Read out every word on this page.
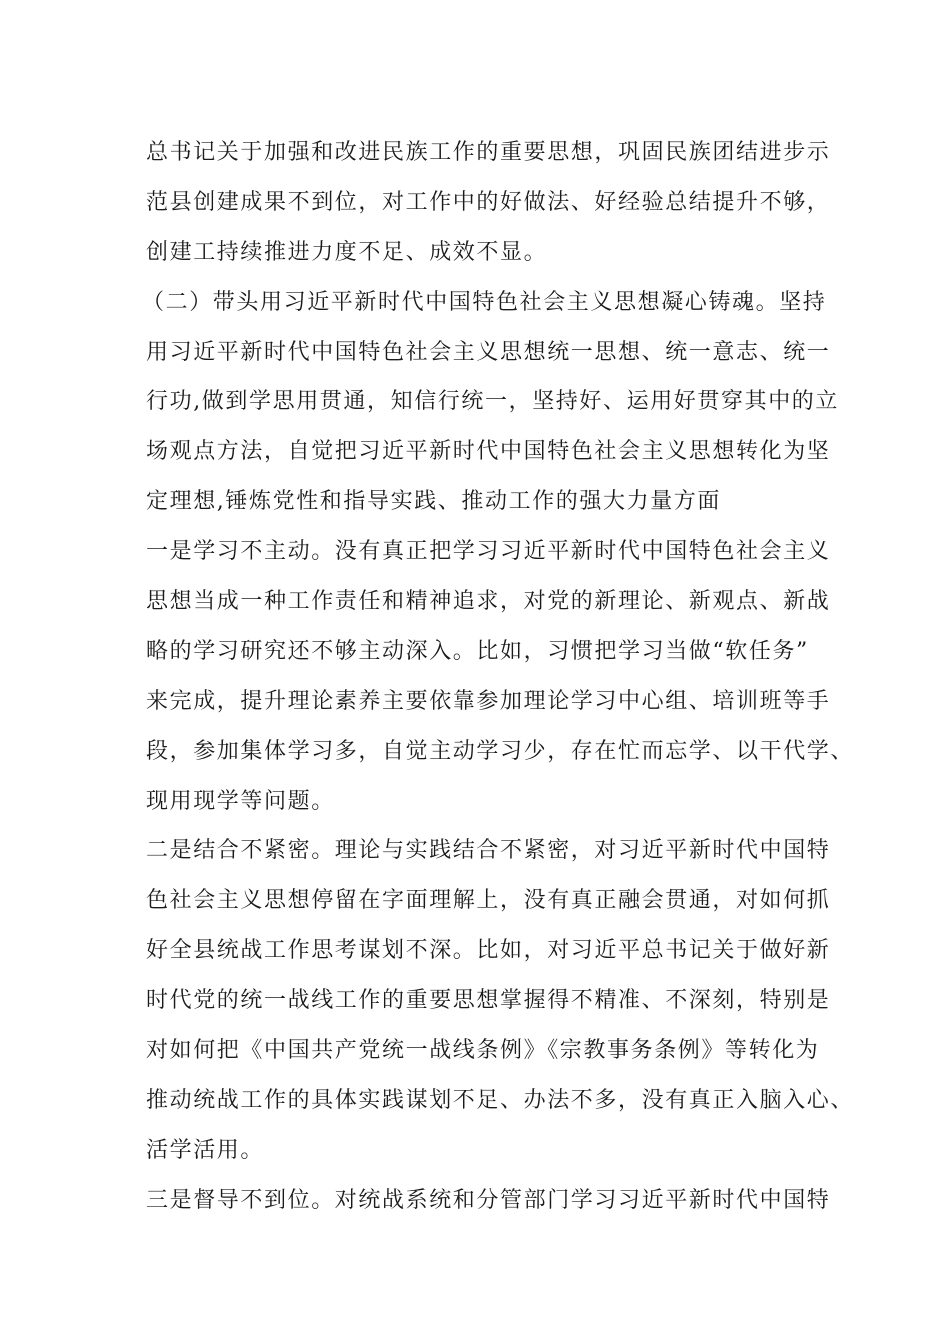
总书记关于加强和改进民族工作的重要思想，巩固民族团结进步示
范县创建成果不到位，对工作中的好做法、好经验总结提升不够，
创建工持续推进力度不足、成效不显。
（二）带头用习近平新时代中国特色社会主义思想凝心铸魂。坚持
用习近平新时代中国特色社会主义思想统一思想、统一意志、统一
行功,做到学思用贯通，知信行统一，坚持好、运用好贯穿其中的立
场观点方法，自觉把习近平新时代中国特色社会主义思想转化为坚
定理想,锤炼党性和指导实践、推动工作的强大力量方面
一是学习不主动。没有真正把学习习近平新时代中国特色社会主义
思想当成一种工作责任和精神追求，对党的新理论、新观点、新战
略的学习研究还不够主动深入。比如，习惯把学习当做“软任务”
来完成，提升理论素养主要依靠参加理论学习中心组、培训班等手
段，参加集体学习多，自觉主动学习少，存在忙而忘学、以干代学、
现用现学等问题。
二是结合不紧密。理论与实践结合不紧密，对习近平新时代中国特
色社会主义思想停留在字面理解上，没有真正融会贯通，对如何抓
好全县统战工作思考谋划不深。比如，对习近平总书记关于做好新
时代党的统一战线工作的重要思想掌握得不精准、不深刻，特别是
对如何把《中国共产党统一战线条例》《宗教事务条例》等转化为
推动统战工作的具体实践谋划不足、办法不多，没有真正入脑入心、
活学活用。
三是督导不到位。对统战系统和分管部门学习习近平新时代中国特
